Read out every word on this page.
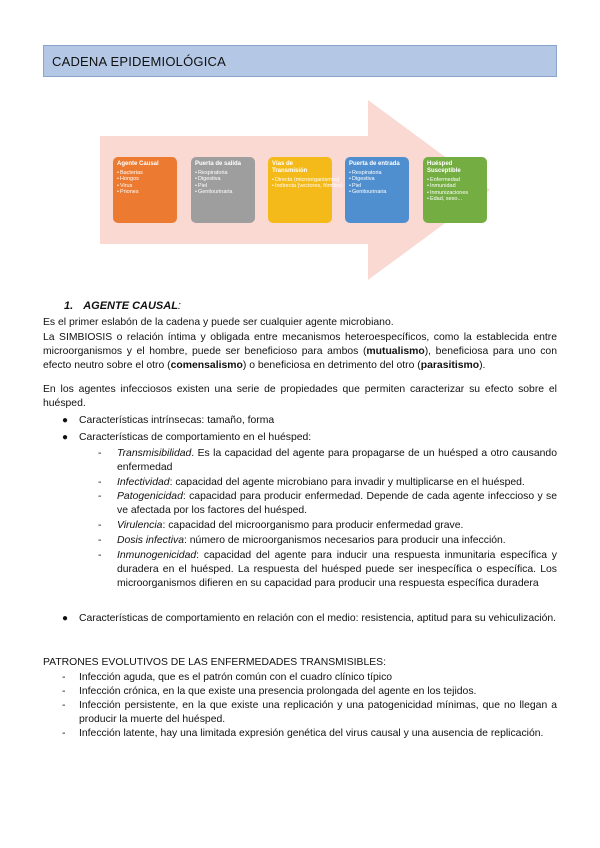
CADENA EPIDEMIOLÓGICA
Agente Causal
• Bacterias
• Hongos
• Virus
• Priones
Puerta de salida
• Respiratoria
• Digestiva
• Piel
• Genitourinaria
Vías de Transmisión
• Directa (microorganismos)
• Indirecta (vectores, fómites)
Puerta de entrada
• Respiratoria
• Digestiva
• Piel
• Genitourinaria
Huésped Susceptible
• Enfermedad
• Inmunidad
• Inmunizaciones
• Edad, sexo...
1. AGENTE CAUSAL:
Es el primer eslabón de la cadena y puede ser cualquier agente microbiano.
La SIMBIOSIS o relación íntima y obligada entre mecanismos heteroespecíficos, como la establecida entre microorganismos y el hombre, puede ser beneficioso para ambos (mutualismo), beneficiosa para uno con efecto neutro sobre el otro (comensalismo) o beneficiosa en detrimento del otro (parasitismo).
En los agentes infecciosos existen una serie de propiedades que permiten caracterizar su efecto sobre el huésped.
● Características intrínsecas: tamaño, forma
● Características de comportamiento en el huésped:
- Transmisibilidad. Es la capacidad del agente para propagarse de un huésped a otro causando enfermedad
- Infectividad: capacidad del agente microbiano para invadir y multiplicarse en el huésped.
- Patogenicidad: capacidad para producir enfermedad. Depende de cada agente infeccioso y se ve afectada por los factores del huésped.
- Virulencia: capacidad del microorganismo para producir enfermedad grave.
- Dosis infectiva: número de microorganismos necesarios para producir una infección.
- Inmunogenicidad: capacidad del agente para inducir una respuesta inmunitaria específica y duradera en el huésped. La respuesta del huésped puede ser inespecífica o específica. Los microorganismos difieren en su capacidad para producir una respuesta específica duradera
● Características de comportamiento en relación con el medio: resistencia, aptitud para su vehiculización.
PATRONES EVOLUTIVOS DE LAS ENFERMEDADES TRANSMISIBLES:
- Infección aguda, que es el patrón común con el cuadro clínico típico
- Infección crónica, en la que existe una presencia prolongada del agente en los tejidos.
- Infección persistente, en la que existe una replicación y una patogenicidad mínimas, que no llegan a producir la muerte del huésped.
- Infección latente, hay una limitada expresión genética del virus causal y una ausencia de replicación.
